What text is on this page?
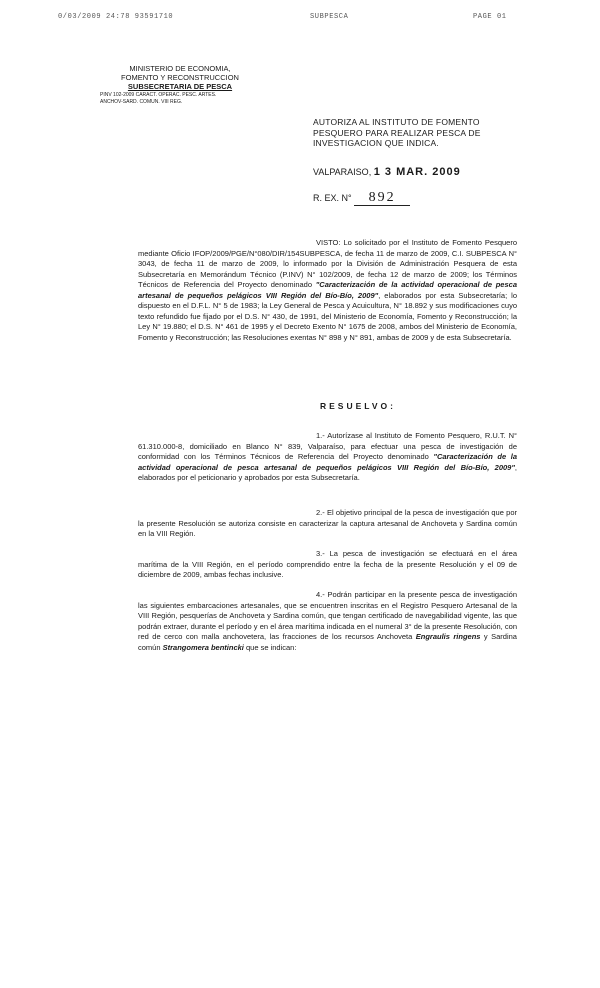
0/03/2009 24:78 93591710	SUBPESCA	PAGE 01
MINISTERIO DE ECONOMIA,
FOMENTO Y RECONSTRUCCION
SUBSECRETARIA DE PESCA
PINV 102-2009 CARACT. OPERAC. PESC. ARTES.
ANCHOV-SARD. COMUN. VIII REG.
AUTORIZA AL INSTITUTO DE FOMENTO PESQUERO PARA REALIZAR PESCA DE INVESTIGACION QUE INDICA.
VALPARAISO, 1 3 MAR. 2009
R. EX. N° 892

VISTO: Lo solicitado por el Instituto de Fomento Pesquero mediante Oficio IFOP/2009/PGE/N°080/DIR/154SUBPESCA, de fecha 11 de marzo de 2009, C.I. SUBPESCA N° 3043, de fecha 11 de marzo de 2009, lo informado por la División de Administración Pesquera de esta Subsecretaría en Memorándum Técnico (P.INV) N° 102/2009, de fecha 12 de marzo de 2009; los Términos Técnicos de Referencia del Proyecto denominado "Caracterización de la actividad operacional de pesca artesanal de pequeños pelágicos VIII Región del Bío-Bío, 2009", elaborados por esta Subsecretaría; lo dispuesto en el D.F.L. N° 5 de 1983; la Ley General de Pesca y Acuicultura, N° 18.892 y sus modificaciones cuyo texto refundido fue fijado por el D.S. N° 430, de 1991, del Ministerio de Economía, Fomento y Reconstrucción; la Ley N° 19.880; el D.S. N° 461 de 1995 y el Decreto Exento N° 1675 de 2008, ambos del Ministerio de Economía, Fomento y Reconstrucción; las Resoluciones exentas N° 898 y N° 891, ambas de 2009 y de esta Subsecretaría.

RESUELVO:

1.- Autorízase al Instituto de Fomento Pesquero, R.U.T. N° 61.310.000-8, domiciliado en Blanco N° 839, Valparaíso, para efectuar una pesca de investigación de conformidad con los Términos Técnicos de Referencia del Proyecto denominado "Caracterización de la actividad operacional de pesca artesanal de pequeños pelágicos VIII Región del Bío-Bío, 2009", elaborados por el peticionario y aprobados por esta Subsecretaría.

2.- El objetivo principal de la pesca de investigación que por la presente Resolución se autoriza consiste en caracterizar la captura artesanal de Anchoveta y Sardina común en la VIII Región.

3.- La pesca de investigación se efectuará en el área marítima de la VIII Región, en el período comprendido entre la fecha de la presente Resolución y el 09 de diciembre de 2009, ambas fechas inclusive.

4.- Podrán participar en la presente pesca de investigación las siguientes embarcaciones artesanales, que se encuentren inscritas en el Registro Pesquero Artesanal de la VIII Región, pesquerías de Anchoveta y Sardina común, que tengan certificado de navegabilidad vigente, las que podrán extraer, durante el período y en el área marítima indicada en el numeral 3° de la presente Resolución, con red de cerco con malla anchovetera, las fracciones de los recursos Anchoveta Engraulis ringens y Sardina común Strangomera bentincki que se indican:
